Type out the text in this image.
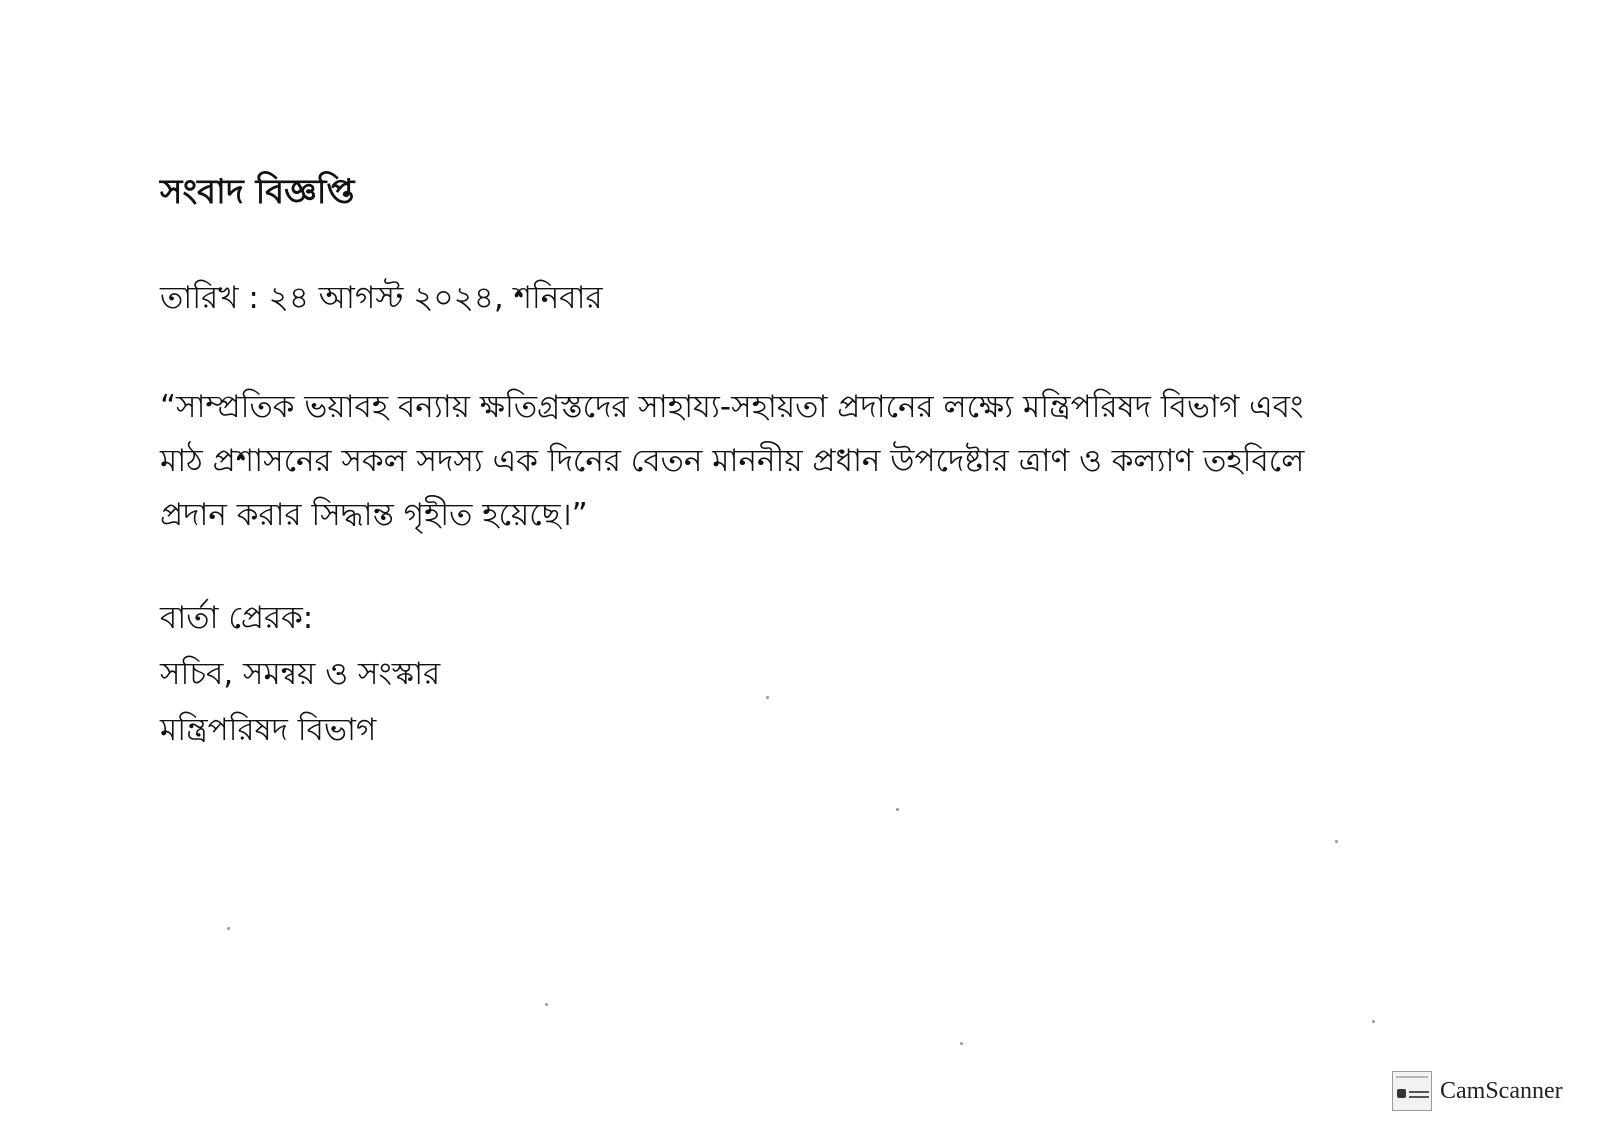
সংবাদ বিজ্ঞপ্তি
তারিখ : ২৪ আগস্ট ২০২৪, শনিবার
“সাম্প্রতিক ভয়াবহ বন্যায় ক্ষতিগ্রস্তদের সাহায্য-সহায়তা প্রদানের লক্ষ্যে মন্ত্রিপরিষদ বিভাগ এবং
মাঠ প্রশাসনের সকল সদস্য এক দিনের বেতন মাননীয় প্রধান উপদেষ্টার ত্রাণ ও কল্যাণ তহবিলে
প্রদান করার সিদ্ধান্ত গৃহীত হয়েছে।”
বার্তা প্রেরক:
সচিব, সমন্বয় ও সংস্কার
মন্ত্রিপরিষদ বিভাগ
CamScanner
